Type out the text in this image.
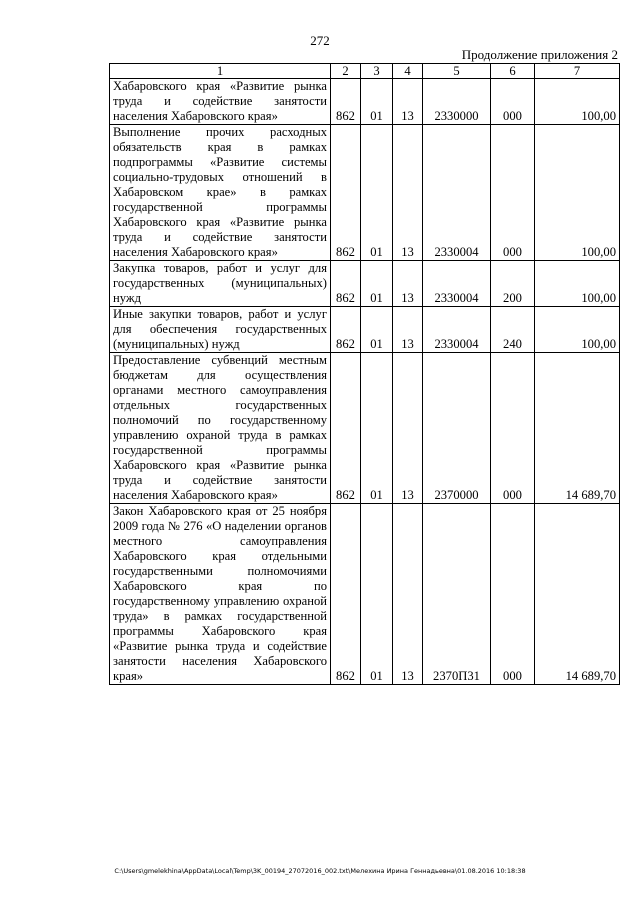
272
Продолжение приложения 2
1	2	3	4	5	6	7
Хабаровского края «Развитие рынка труда и содействие занятости населения Хабаровского края»	862	01	13	2330000	000	100,00
Выполнение прочих расходных обязательств края в рамках подпрограммы «Развитие системы социально-трудовых отношений в Хабаровском крае» в рамках государственной программы Хабаровского края «Развитие рынка труда и содействие занятости населения Хабаровского края»	862	01	13	2330004	000	100,00
Закупка товаров, работ и услуг для государственных (муниципальных) нужд	862	01	13	2330004	200	100,00
Иные закупки товаров, работ и услуг для обеспечения государственных (муниципальных) нужд	862	01	13	2330004	240	100,00
Предоставление субвенций местным бюджетам для осуществления органами местного самоуправления отдельных государственных полномочий по государственному управлению охраной труда в рамках государственной программы Хабаровского края «Развитие рынка труда и содействие занятости населения Хабаровского края»	862	01	13	2370000	000	14 689,70
Закон Хабаровского края от 25 ноября 2009 года № 276 «О наделении органов местного самоуправления Хабаровского края отдельными государственными полномочиями Хабаровского края по государственному управлению охраной труда» в рамках государственной программы Хабаровского края «Развитие рынка труда и содействие занятости населения Хабаровского края»	862	01	13	2370П31	000	14 689,70
C:\Users\gmelekhina\AppData\Local\Temp\3K_00194_27072016_002.txt\Мелехина Ирина Геннадьевна\01.08.2016 10:18:38
